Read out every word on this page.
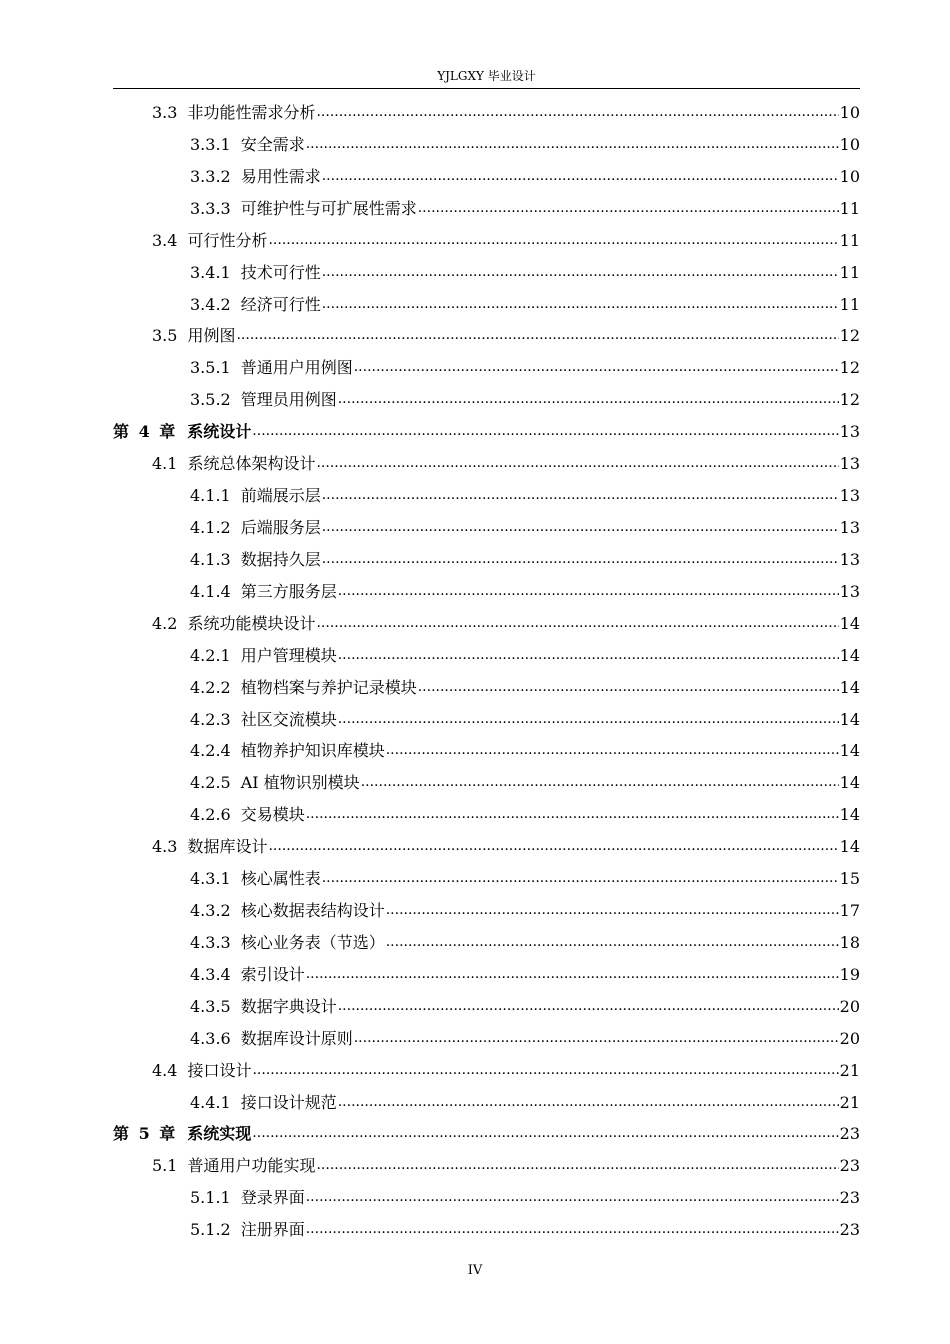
YJLGXY 毕业设计
3.3 非功能性需求分析 .....	10
3.3.1 安全需求 .....	10
3.3.2 易用性需求 .....	10
3.3.3 可维护性与可扩展性需求 .....	11
3.4 可行性分析 .....	11
3.4.1 技术可行性 .....	11
3.4.2 经济可行性 .....	11
3.5 用例图 .....	12
3.5.1 普通用户用例图 .....	12
3.5.2 管理员用例图 .....	12
第 4 章 系统设计 .....	13
4.1 系统总体架构设计 .....	13
4.1.1 前端展示层 .....	13
4.1.2 后端服务层 .....	13
4.1.3 数据持久层 .....	13
4.1.4 第三方服务层 .....	13
4.2 系统功能模块设计 .....	14
4.2.1 用户管理模块 .....	14
4.2.2 植物档案与养护记录模块 .....	14
4.2.3 社区交流模块 .....	14
4.2.4 植物养护知识库模块 .....	14
4.2.5 AI 植物识别模块 .....	14
4.2.6 交易模块 .....	14
4.3 数据库设计 .....	14
4.3.1 核心属性表 .....	15
4.3.2 核心数据表结构设计 .....	17
4.3.3 核心业务表（节选） .....	18
4.3.4 索引设计 .....	19
4.3.5 数据字典设计 .....	20
4.3.6 数据库设计原则 .....	20
4.4 接口设计 .....	21
4.4.1 接口设计规范 .....	21
第 5 章 系统实现 .....	23
5.1 普通用户功能实现 .....	23
5.1.1 登录界面 .....	23
5.1.2 注册界面 .....	23
IV
